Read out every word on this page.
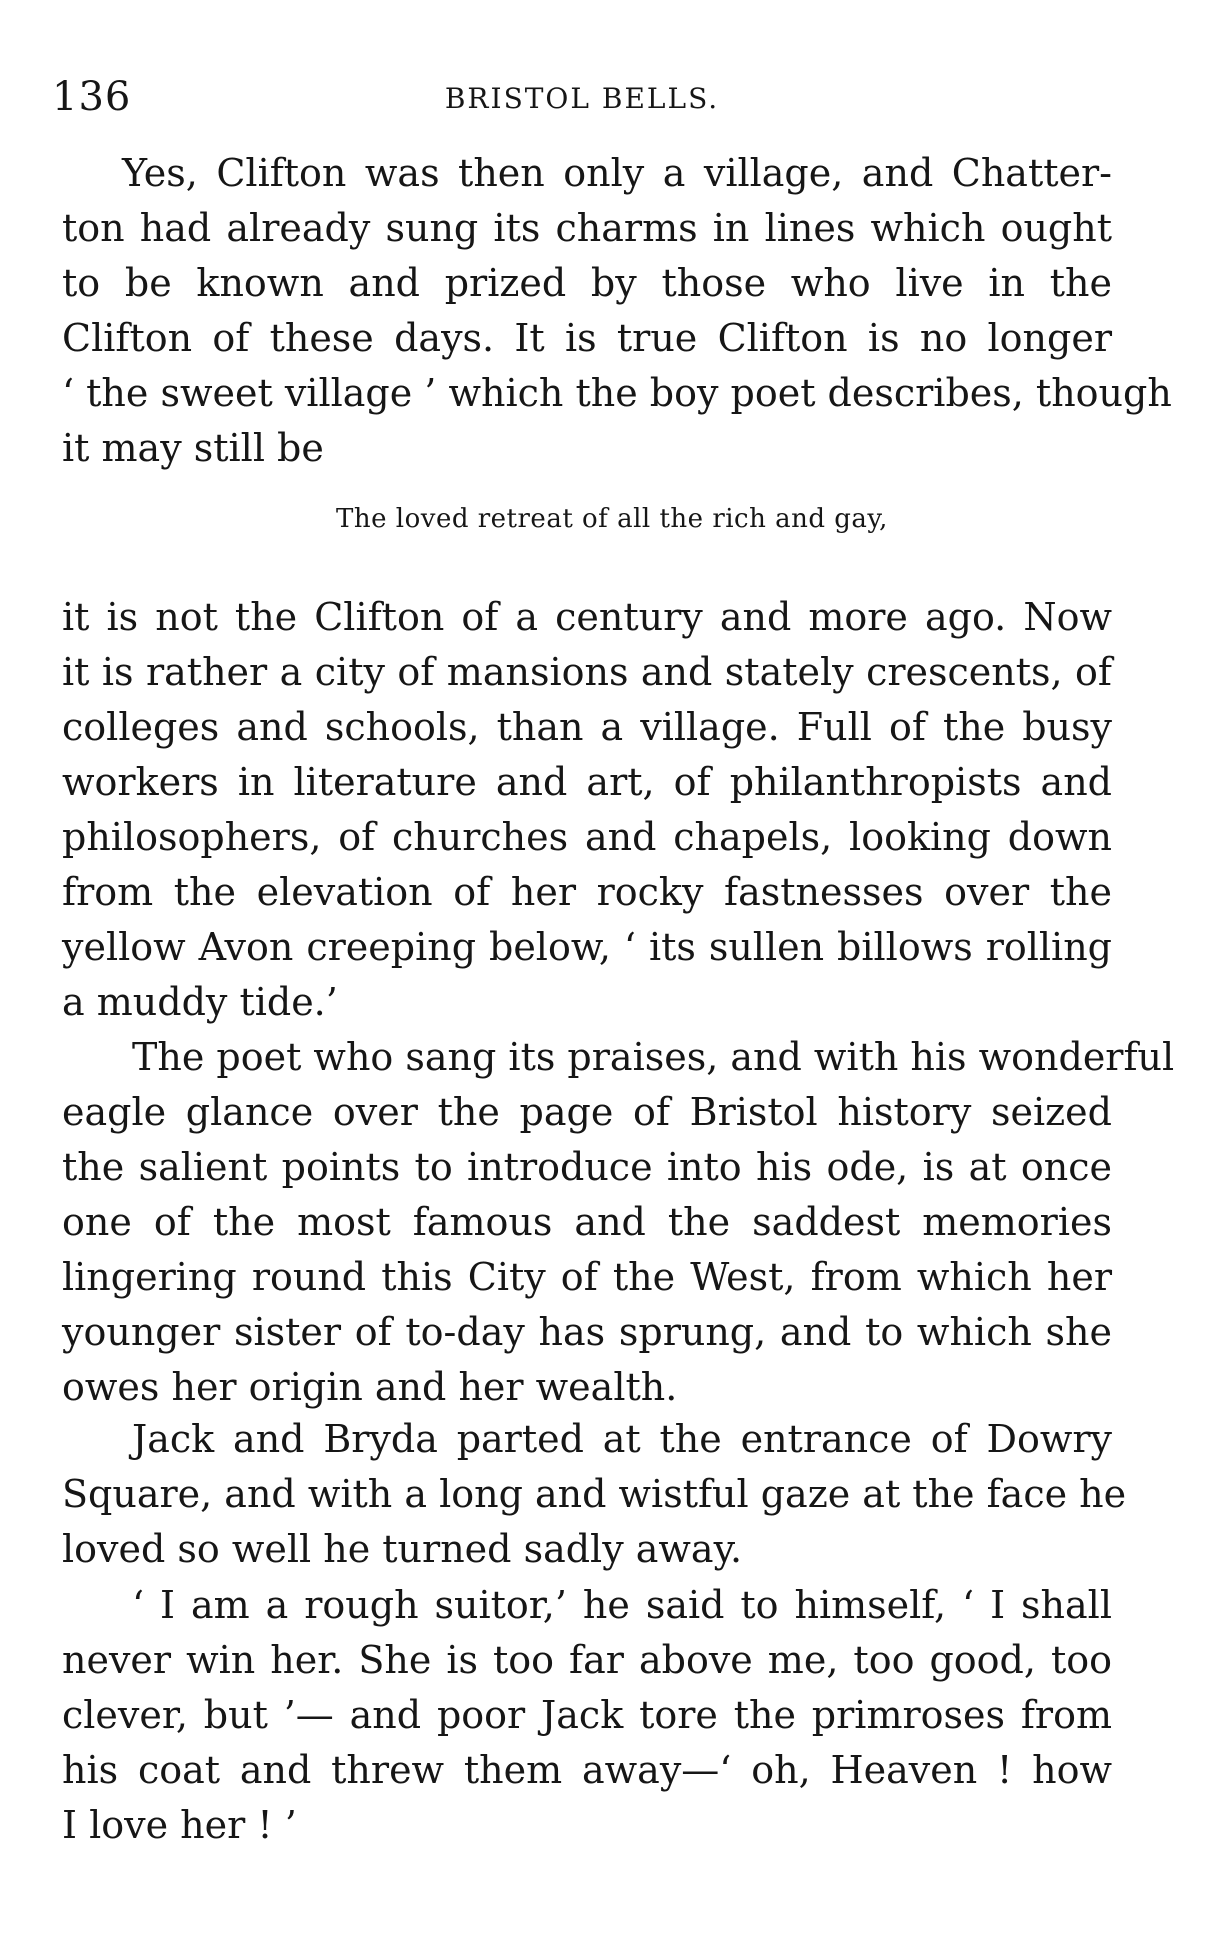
136	BRISTOL BELLS.
Yes, Clifton was then only a village, and Chatter-
ton had already sung its charms in lines which ought
to be known and prized by those who live in the
Clifton of these days. It is true Clifton is no longer
‘ the sweet village ’ which the boy poet describes, though
it may still be
The loved retreat of all the rich and gay,
it is not the Clifton of a century and more ago. Now
it is rather a city of mansions and stately crescents, of
colleges and schools, than a village. Full of the busy
workers in literature and art, of philanthropists and
philosophers, of churches and chapels, looking down
from the elevation of her rocky fastnesses over the
yellow Avon creeping below, ‘ its sullen billows rolling
a muddy tide.’
The poet who sang its praises, and with his wonderful
eagle glance over the page of Bristol history seized
the salient points to introduce into his ode, is at once
one of the most famous and the saddest memories
lingering round this City of the West, from which her
younger sister of to-day has sprung, and to which she
owes her origin and her wealth.
Jack and Bryda parted at the entrance of Dowry
Square, and with a long and wistful gaze at the face he
loved so well he turned sadly away.
‘ I am a rough suitor,’ he said to himself, ‘ I shall
never win her. She is too far above me, too good, too
clever, but ’— and poor Jack tore the primroses from
his coat and threw them away—‘ oh, Heaven ! how
I love her ! ’
